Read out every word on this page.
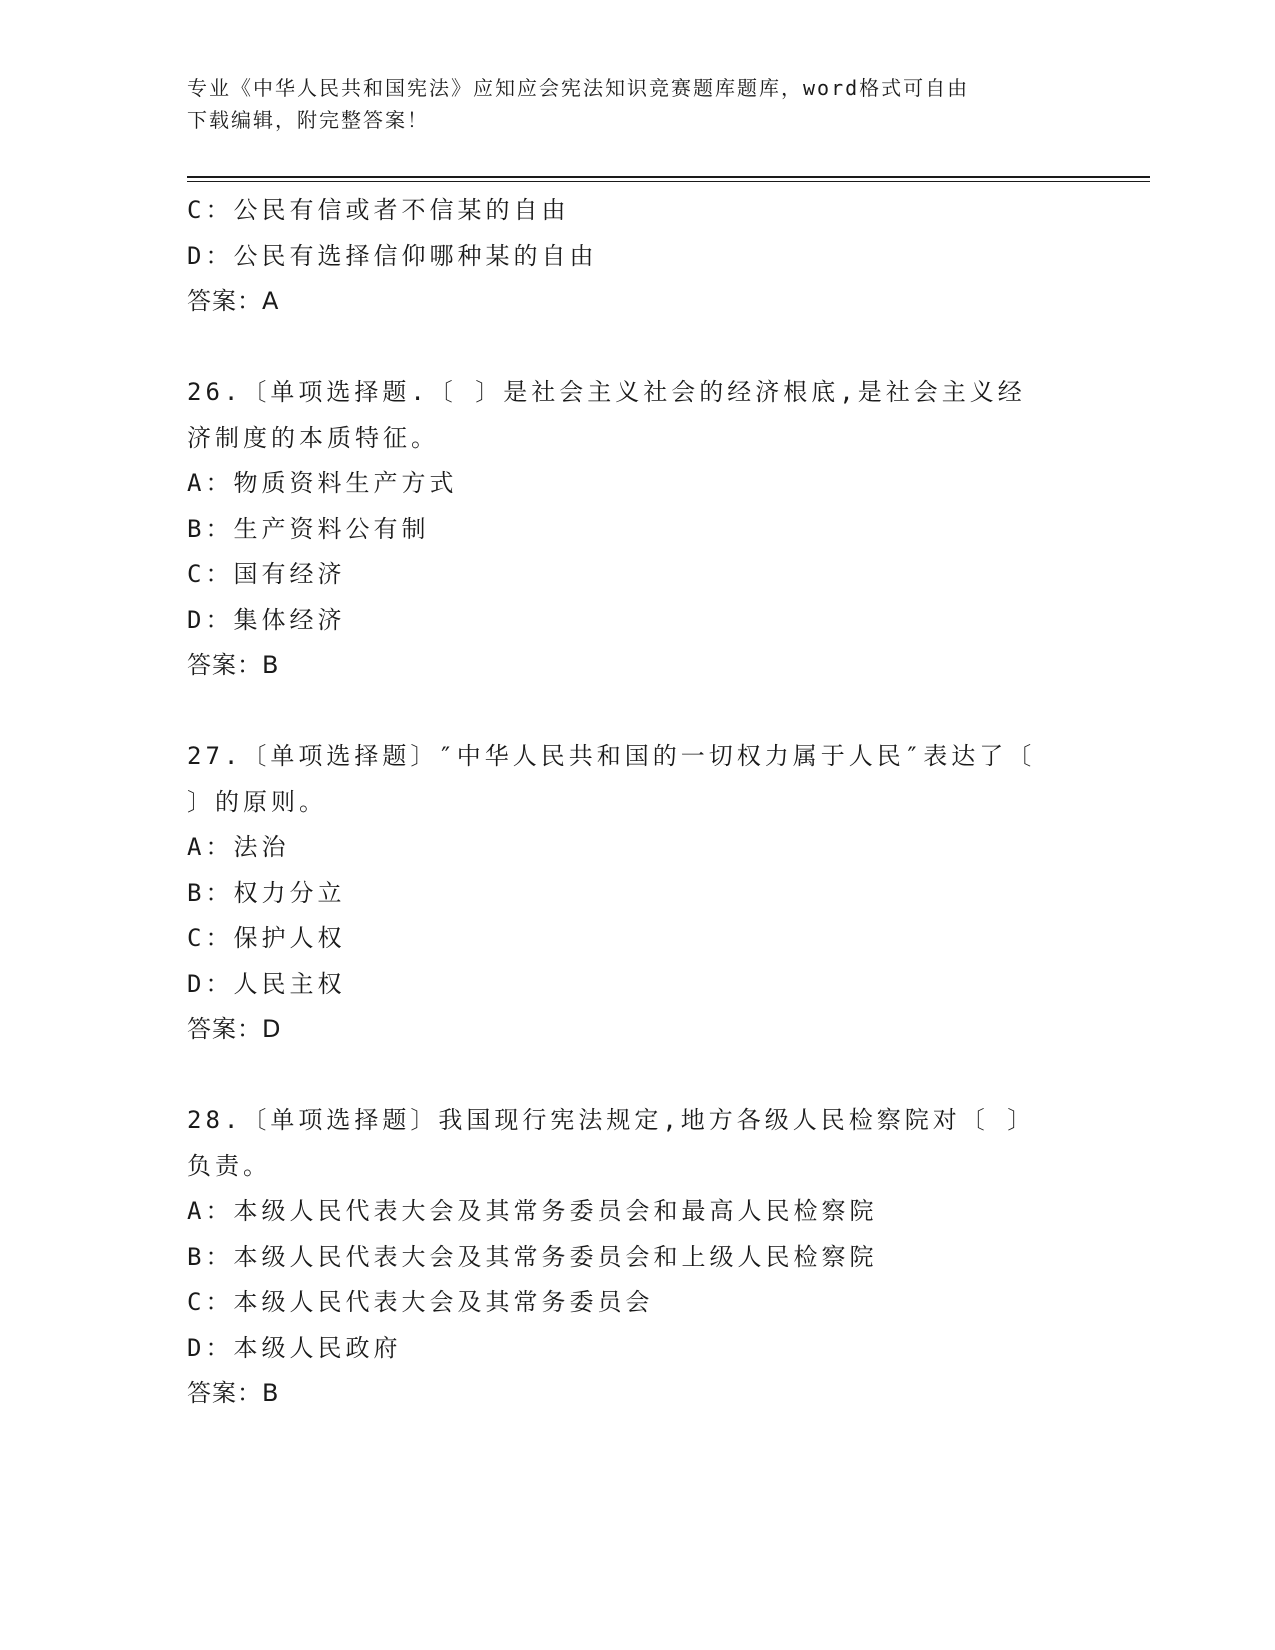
专业《中华人民共和国宪法》应知应会宪法知识竞赛题库题库，word格式可自由
下载编辑，附完整答案！
C：公民有信或者不信某的自由
D：公民有选择信仰哪种某的自由
答案：A
26.〔单项选择题.〔 〕是社会主义社会的经济根底,是社会主义经
济制度的本质特征。
A：物质资料生产方式
B：生产资料公有制
C：国有经济
D：集体经济
答案：B
27.〔单项选择题〕″中华人民共和国的一切权力属于人民″表达了〔
〕的原则。
A：法治
B：权力分立
C：保护人权
D：人民主权
答案：D
28.〔单项选择题〕我国现行宪法规定,地方各级人民检察院对〔 〕
负责。
A：本级人民代表大会及其常务委员会和最高人民检察院
B：本级人民代表大会及其常务委员会和上级人民检察院
C：本级人民代表大会及其常务委员会
D：本级人民政府
答案：B
